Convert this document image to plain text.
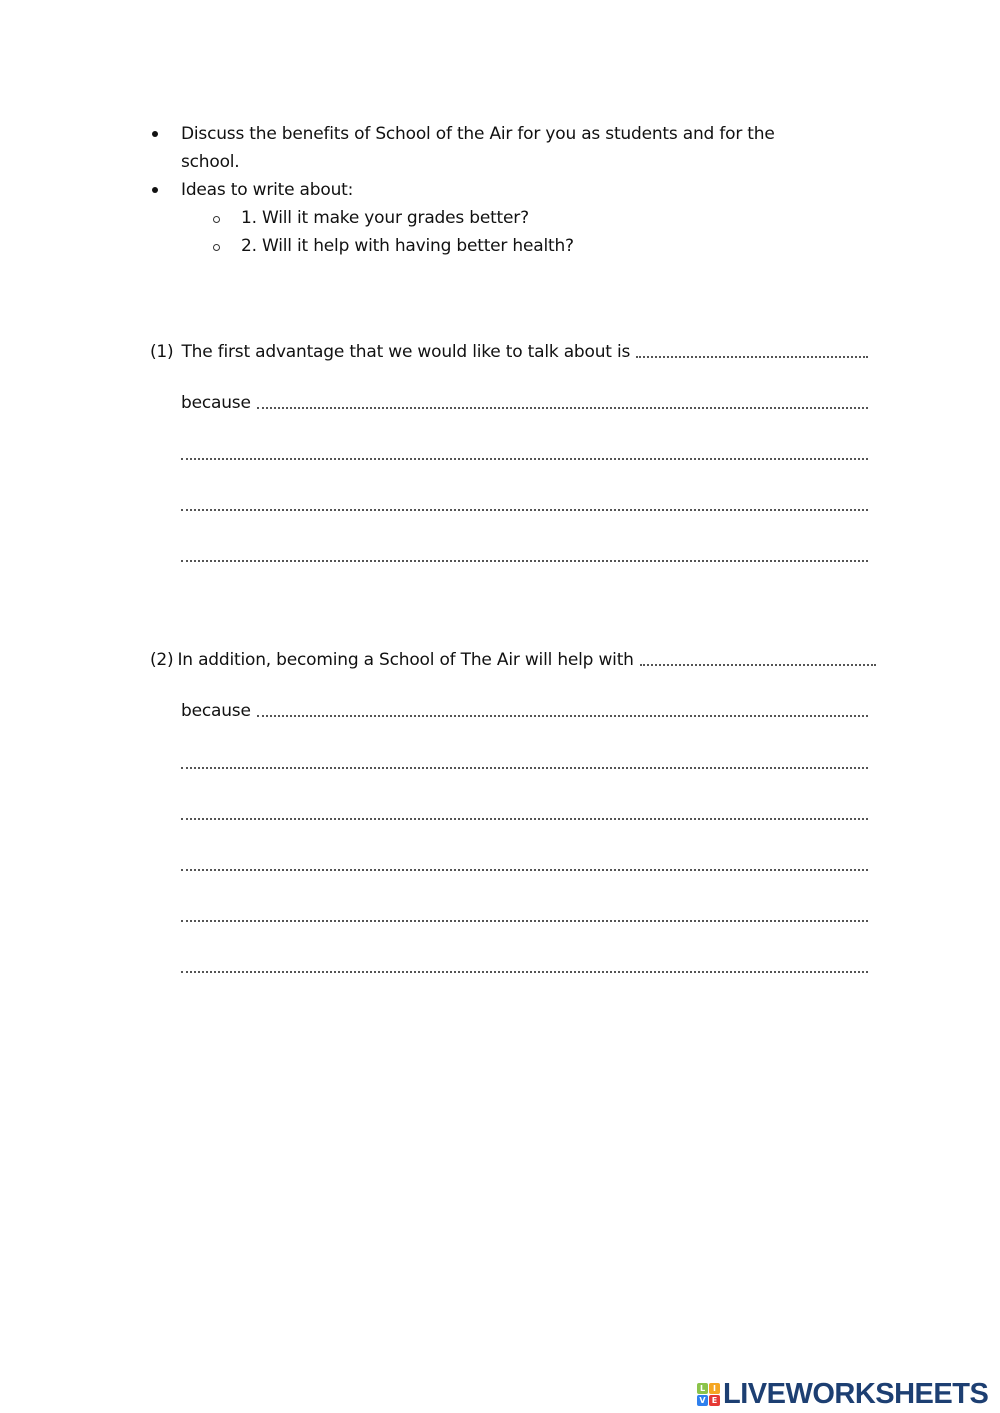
Discuss the benefits of School of the Air for you as students and for the
school.
Ideas to write about:
1. Will it make your grades better?
2. Will it help with having better health?
(1) The first advantage that we would like to talk about is
because
(2) In addition, becoming a School of The Air will help with
because
L I
V E LIVEWORKSHEETS
